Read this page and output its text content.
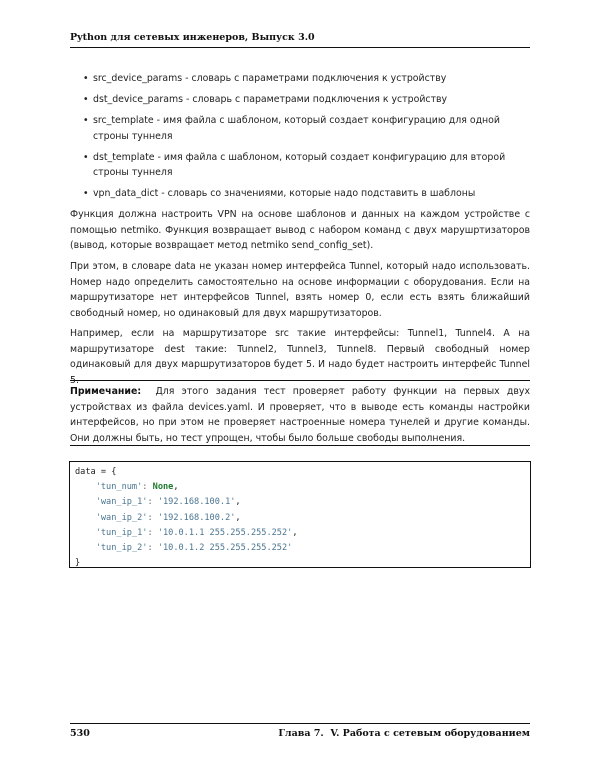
Python для сетевых инженеров, Выпуск 3.0
• src_device_params - словарь с параметрами подключения к устройству
• dst_device_params - словарь с параметрами подключения к устройству
• src_template - имя файла с шаблоном, который создает конфигурацию для одной строны туннеля
• dst_template - имя файла с шаблоном, который создает конфигурацию для второй строны туннеля
• vpn_data_dict - словарь со значениями, которые надо подставить в шаблоны

Функция должна настроить VPN на основе шаблонов и данных на каждом устройстве с помощью netmiko. Функция возвращает вывод с набором команд с двух марушртизаторов (вывод, которые возвращает метод netmiko send_config_set).

При этом, в словаре data не указан номер интерфейса Tunnel, который надо использовать. Номер надо определить самостоятельно на основе информации с оборудования. Если на маршрутизаторе нет интерфейсов Tunnel, взять номер 0, если есть взять ближайший свободный номер, но одинаковый для двух маршрутизаторов.

Например, если на маршрутизаторе src такие интерфейсы: Tunnel1, Tunnel4. А на маршрутизаторе dest такие: Tunnel2, Tunnel3, Tunnel8. Первый свободный номер одинаковый для двух маршрутизаторов будет 5. И надо будет настроить интерфейс Tunnel 5.

Примечание: Для этого задания тест проверяет работу функции на первых двух устройствах из файла devices.yaml. И проверяет, что в выводе есть команды настройки интерфейсов, но при этом не проверяет настроенные номера тунелей и другие команды. Они должны быть, но тест упрощен, чтобы было больше свободы выполнения.

data = {
'tun_num': None,
'wan_ip_1': '192.168.100.1',
'wan_ip_2': '192.168.100.2',
'tun_ip_1': '10.0.1.1 255.255.255.252',
'tun_ip_2': '10.0.1.2 255.255.255.252'
}
530	Глава 7.  V. Работа с сетевым оборудованием
